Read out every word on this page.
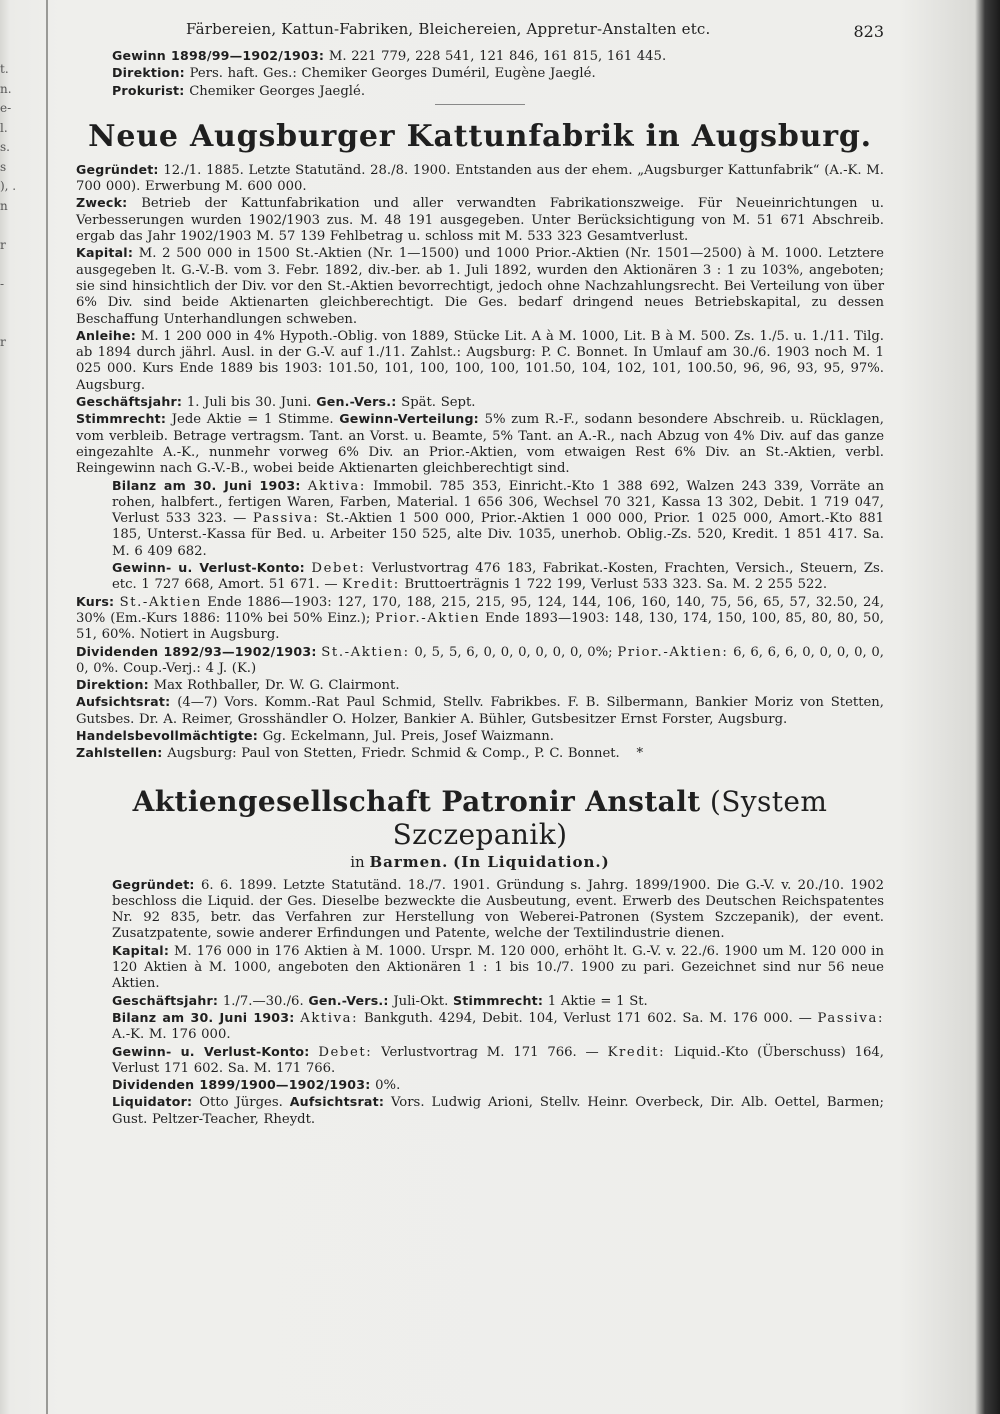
t.
n.
e-
l.
s.
s
), .
n
r
-
r
Färbereien, Kattun-Fabriken, Bleichereien, Appretur-Anstalten etc.	823

Gewinn 1898/99—1902/1903: M. 221 779, 228 541, 121 846, 161 815, 161 445.

Direktion: Pers. haft. Ges.: Chemiker Georges Duméril, Eugène Jaeglé.

Prokurist: Chemiker Georges Jaeglé.

Neue Augsburger Kattunfabrik in Augsburg.

Gegründet: 12./1. 1885. Letzte Statutänd. 28./8. 1900. Entstanden aus der ehem. „Augsburger Kattunfabrik“ (A.-K. M. 700 000). Erwerbung M. 600 000.

Zweck: Betrieb der Kattunfabrikation und aller verwandten Fabrikationszweige. Für Neueinrichtungen u. Verbesserungen wurden 1902/1903 zus. M. 48 191 ausgegeben. Unter Berücksichtigung von M. 51 671 Abschreib. ergab das Jahr 1902/1903 M. 57 139 Fehlbetrag u. schloss mit M. 533 323 Gesamtverlust.

Kapital: M. 2 500 000 in 1500 St.-Aktien (Nr. 1—1500) und 1000 Prior.-Aktien (Nr. 1501—2500) à M. 1000. Letztere ausgegeben lt. G.-V.-B. vom 3. Febr. 1892, div.-ber. ab 1. Juli 1892, wurden den Aktionären 3 : 1 zu 103%, angeboten; sie sind hinsichtlich der Div. vor den St.-Aktien bevorrechtigt, jedoch ohne Nachzahlungsrecht. Bei Verteilung von über 6% Div. sind beide Aktienarten gleichberechtigt. Die Ges. bedarf dringend neues Betriebskapital, zu dessen Beschaffung Unterhandlungen schweben.

Anleihe: M. 1 200 000 in 4% Hypoth.-Oblig. von 1889, Stücke Lit. A à M. 1000, Lit. B à M. 500. Zs. 1./5. u. 1./11. Tilg. ab 1894 durch jährl. Ausl. in der G.-V. auf 1./11. Zahlst.: Augsburg: P. C. Bonnet. In Umlauf am 30./6. 1903 noch M. 1 025 000. Kurs Ende 1889 bis 1903: 101.50, 101, 100, 100, 100, 101.50, 104, 102, 101, 100.50, 96, 96, 93, 95, 97%. Augsburg.

Geschäftsjahr: 1. Juli bis 30. Juni. Gen.-Vers.: Spät. Sept.

Stimmrecht: Jede Aktie = 1 Stimme. Gewinn-Verteilung: 5% zum R.-F., sodann besondere Abschreib. u. Rücklagen, vom verbleib. Betrage vertragsm. Tant. an Vorst. u. Beamte, 5% Tant. an A.-R., nach Abzug von 4% Div. auf das ganze eingezahlte A.-K., nunmehr vorweg 6% Div. an Prior.-Aktien, vom etwaigen Rest 6% Div. an St.-Aktien, verbl. Reingewinn nach G.-V.-B., wobei beide Aktienarten gleichberechtigt sind.

Bilanz am 30. Juni 1903: Aktiva: Immobil. 785 353, Einricht.-Kto 1 388 692, Walzen 243 339, Vorräte an rohen, halbfert., fertigen Waren, Farben, Material. 1 656 306, Wechsel 70 321, Kassa 13 302, Debit. 1 719 047, Verlust 533 323. — Passiva: St.-Aktien 1 500 000, Prior.-Aktien 1 000 000, Prior. 1 025 000, Amort.-Kto 881 185, Unterst.-Kassa für Bed. u. Arbeiter 150 525, alte Div. 1035, unerhob. Oblig.-Zs. 520, Kredit. 1 851 417. Sa. M. 6 409 682.

Gewinn- u. Verlust-Konto: Debet: Verlustvortrag 476 183, Fabrikat.-Kosten, Frachten, Versich., Steuern, Zs. etc. 1 727 668, Amort. 51 671. — Kredit: Bruttoerträgnis 1 722 199, Verlust 533 323. Sa. M. 2 255 522.

Kurs: St.-Aktien Ende 1886—1903: 127, 170, 188, 215, 215, 95, 124, 144, 106, 160, 140, 75, 56, 65, 57, 32.50, 24, 30% (Em.-Kurs 1886: 110% bei 50% Einz.); Prior.-Aktien Ende 1893—1903: 148, 130, 174, 150, 100, 85, 80, 80, 50, 51, 60%. Notiert in Augsburg.

Dividenden 1892/93—1902/1903: St.-Aktien: 0, 5, 5, 6, 0, 0, 0, 0, 0, 0, 0%; Prior.-Aktien: 6, 6, 6, 6, 0, 0, 0, 0, 0, 0, 0%. Coup.-Verj.: 4 J. (K.)

Direktion: Max Rothballer, Dr. W. G. Clairmont.

Aufsichtsrat: (4—7) Vors. Komm.-Rat Paul Schmid, Stellv. Fabrikbes. F. B. Silbermann, Bankier Moriz von Stetten, Gutsbes. Dr. A. Reimer, Grosshändler O. Holzer, Bankier A. Bühler, Gutsbesitzer Ernst Forster, Augsburg.

Handelsbevollmächtigte: Gg. Eckelmann, Jul. Preis, Josef Waizmann.

Zahlstellen: Augsburg: Paul von Stetten, Friedr. Schmid & Comp., P. C. Bonnet. *

Aktiengesellschaft Patronir Anstalt (System Szczepanik)
in Barmen. (In Liquidation.)

Gegründet: 6. 6. 1899. Letzte Statutänd. 18./7. 1901. Gründung s. Jahrg. 1899/1900. Die G.-V. v. 20./10. 1902 beschloss die Liquid. der Ges. Dieselbe bezweckte die Ausbeutung, event. Erwerb des Deutschen Reichspatentes Nr. 92 835, betr. das Verfahren zur Herstellung von Weberei-Patronen (System Szczepanik), der event. Zusatzpatente, sowie anderer Erfindungen und Patente, welche der Textilindustrie dienen.

Kapital: M. 176 000 in 176 Aktien à M. 1000. Urspr. M. 120 000, erhöht lt. G.-V. v. 22./6. 1900 um M. 120 000 in 120 Aktien à M. 1000, angeboten den Aktionären 1 : 1 bis 10./7. 1900 zu pari. Gezeichnet sind nur 56 neue Aktien.

Geschäftsjahr: 1./7.—30./6. Gen.-Vers.: Juli-Okt. Stimmrecht: 1 Aktie = 1 St.

Bilanz am 30. Juni 1903: Aktiva: Bankguth. 4294, Debit. 104, Verlust 171 602. Sa. M. 176 000. — Passiva: A.-K. M. 176 000.

Gewinn- u. Verlust-Konto: Debet: Verlustvortrag M. 171 766. — Kredit: Liquid.-Kto (Überschuss) 164, Verlust 171 602. Sa. M. 171 766.

Dividenden 1899/1900—1902/1903: 0%.

Liquidator: Otto Jürges. Aufsichtsrat: Vors. Ludwig Arioni, Stellv. Heinr. Overbeck, Dir. Alb. Oettel, Barmen; Gust. Peltzer-Teacher, Rheydt.
